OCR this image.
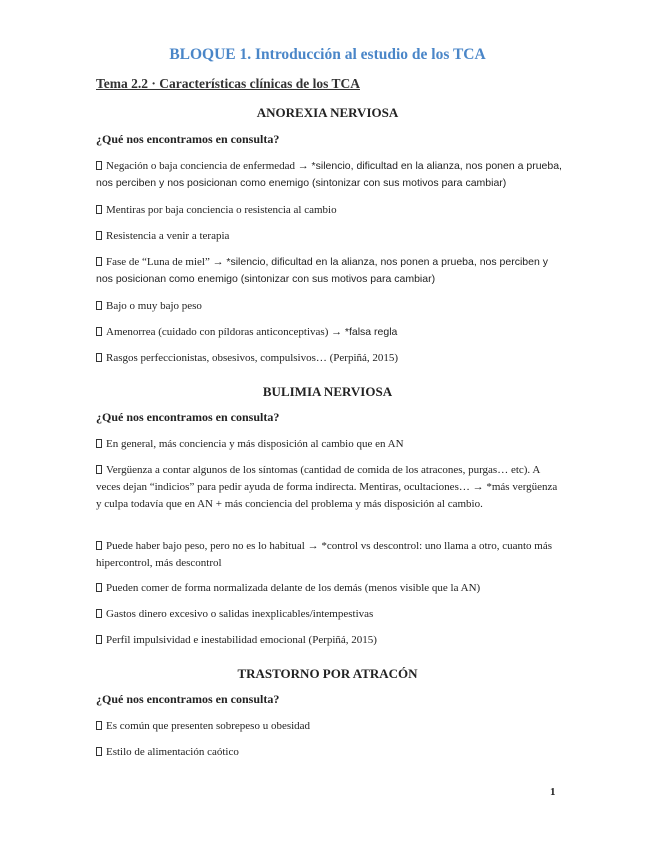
BLOQUE 1. Introducción al estudio de los TCA
Tema 2.2 · Características clínicas de los TCA
ANOREXIA NERVIOSA
¿Qué nos encontramos en consulta?
Negación o baja conciencia de enfermedad → *silencio, dificultad en la alianza, nos ponen a prueba, nos perciben y nos posicionan como enemigo (sintonizar con sus motivos para cambiar)
Mentiras por baja conciencia o resistencia al cambio
Resistencia a venir a terapia
Fase de “Luna de miel” → *silencio, dificultad en la alianza, nos ponen a prueba, nos perciben y nos posicionan como enemigo (sintonizar con sus motivos para cambiar)
Bajo o muy bajo peso
Amenorrea (cuidado con píldoras anticonceptivas) → *falsa regla
Rasgos perfeccionistas, obsesivos, compulsivos… (Perpiñá, 2015)
BULIMIA NERVIOSA
¿Qué nos encontramos en consulta?
En general, más conciencia y más disposición al cambio que en AN
Vergüenza a contar algunos de los síntomas (cantidad de comida de los atracones, purgas… etc). A veces dejan “indicios” para pedir ayuda de forma indirecta. Mentiras, ocultaciones… → *más vergüenza y culpa todavía que en AN + más conciencia del problema y más disposición al cambio.
Puede haber bajo peso, pero no es lo habitual → *control vs descontrol: uno llama a otro, cuanto más hipercontrol, más descontrol
Pueden comer de forma normalizada delante de los demás (menos visible que la AN)
Gastos dinero excesivo o salidas inexplicables/intempestivas
Perfil impulsividad e inestabilidad emocional (Perpiñá, 2015)
TRASTORNO POR ATRACÓN
¿Qué nos encontramos en consulta?
Es común que presenten sobrepeso u obesidad
Estilo de alimentación caótico
1
